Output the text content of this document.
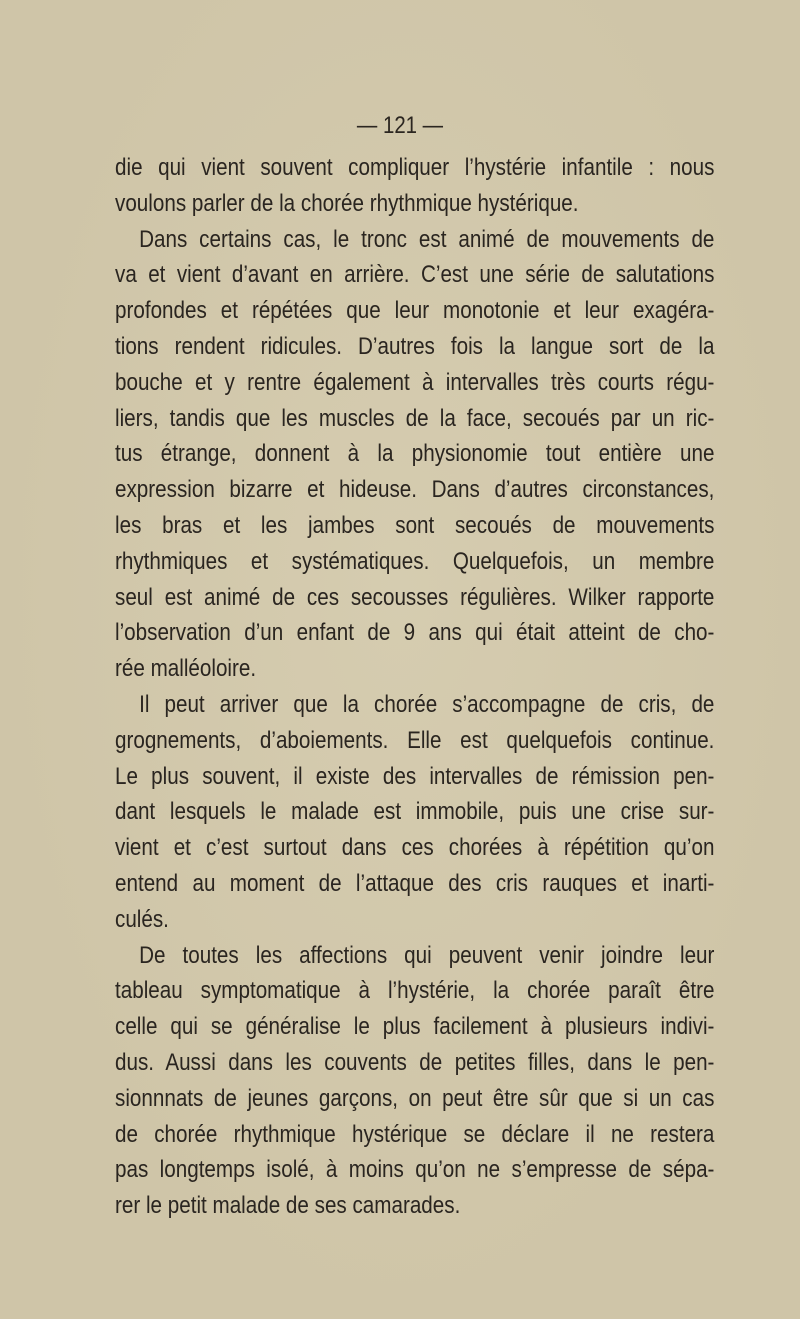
— 121 —
die qui vient souvent compliquer l’hystérie infantile : nous
voulons parler de la chorée rhythmique hystérique.
Dans certains cas, le tronc est animé de mouvements de
va et vient d’avant en arrière. C’est une série de salutations
profondes et répétées que leur monotonie et leur exagéra-
tions rendent ridicules. D’autres fois la langue sort de la
bouche et y rentre également à intervalles très courts régu-
liers, tandis que les muscles de la face, secoués par un ric-
tus étrange, donnent à la physionomie tout entière une
expression bizarre et hideuse. Dans d’autres circonstances,
les bras et les jambes sont secoués de mouvements
rhythmiques et systématiques. Quelquefois, un membre
seul est animé de ces secousses régulières. Wilker rapporte
l’observation d’un enfant de 9 ans qui était atteint de cho-
rée malléoloire.
Il peut arriver que la chorée s’accompagne de cris, de
grognements, d’aboiements. Elle est quelquefois continue.
Le plus souvent, il existe des intervalles de rémission pen-
dant lesquels le malade est immobile, puis une crise sur-
vient et c’est surtout dans ces chorées à répétition qu’on
entend au moment de l’attaque des cris rauques et inarti-
culés.
De toutes les affections qui peuvent venir joindre leur
tableau symptomatique à l’hystérie, la chorée paraît être
celle qui se généralise le plus facilement à plusieurs indivi-
dus. Aussi dans les couvents de petites filles, dans le pen-
sionnnats de jeunes garçons, on peut être sûr que si un cas
de chorée rhythmique hystérique se déclare il ne restera
pas longtemps isolé, à moins qu’on ne s’empresse de sépa-
rer le petit malade de ses camarades.
